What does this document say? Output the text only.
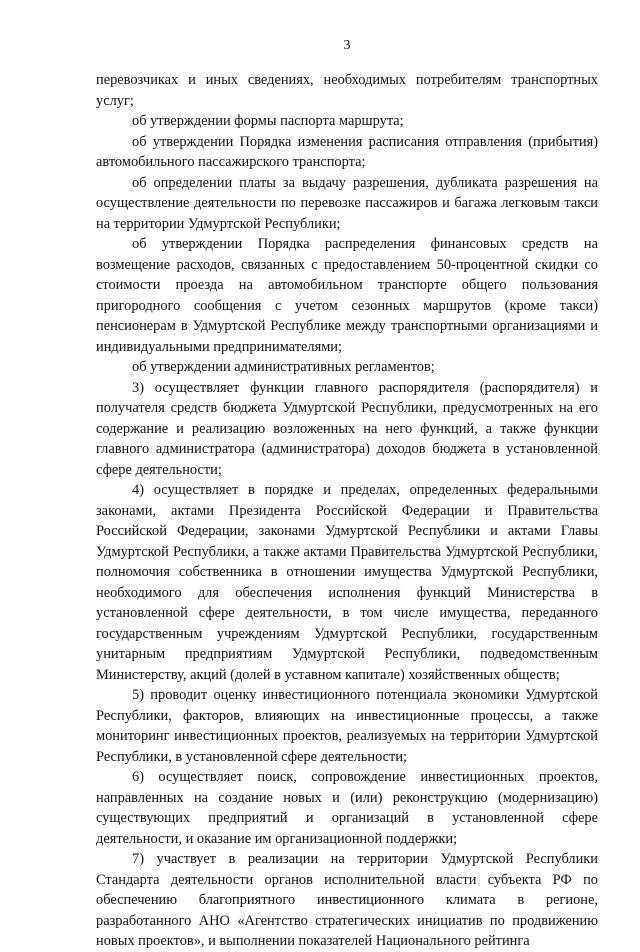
3

перевозчиках и иных сведениях, необходимых потребителям транспортных услуг;

об утверждении формы паспорта маршрута;

об утверждении Порядка изменения расписания отправления (прибытия) автомобильного пассажирского транспорта;

об определении платы за выдачу разрешения, дубликата разрешения на осуществление деятельности по перевозке пассажиров и багажа легковым такси на территории Удмуртской Республики;

об утверждении Порядка распределения финансовых средств на возмещение расходов, связанных с предоставлением 50-процентной скидки со стоимости проезда на автомобильном транспорте общего пользования пригородного сообщения с учетом сезонных маршрутов (кроме такси) пенсионерам в Удмуртской Республике между транспортными организациями и индивидуальными предпринимателями;

об утверждении административных регламентов;

3) осуществляет функции главного распорядителя (распорядителя) и получателя средств бюджета Удмуртской Республики, предусмотренных на его содержание и реализацию возложенных на него функций, а также функции главного администратора (администратора) доходов бюджета в установленной сфере деятельности;

4) осуществляет в порядке и пределах, определенных федеральными законами, актами Президента Российской Федерации и Правительства Российской Федерации, законами Удмуртской Республики и актами Главы Удмуртской Республики, а также актами Правительства Удмуртской Республики, полномочия собственника в отношении имущества Удмуртской Республики, необходимого для обеспечения исполнения функций Министерства в установленной сфере деятельности, в том числе имущества, переданного государственным учреждениям Удмуртской Республики, государственным унитарным предприятиям Удмуртской Республики, подведомственным Министерству, акций (долей в уставном капитале) хозяйственных обществ;

5) проводит оценку инвестиционного потенциала экономики Удмуртской Республики, факторов, влияющих на инвестиционные процессы, а также мониторинг инвестиционных проектов, реализуемых на территории Удмуртской Республики, в установленной сфере деятельности;

6) осуществляет поиск, сопровождение инвестиционных проектов, направленных на создание новых и (или) реконструкцию (модернизацию) существующих предприятий и организаций в установленной сфере деятельности, и оказание им организационной поддержки;

7) участвует в реализации на территории Удмуртской Республики Стандарта деятельности органов исполнительной власти субъекта РФ по обеспечению благоприятного инвестиционного климата в регионе, разработанного АНО «Агентство стратегических инициатив по продвижению новых проектов», и выполнении показателей Национального рейтинга
